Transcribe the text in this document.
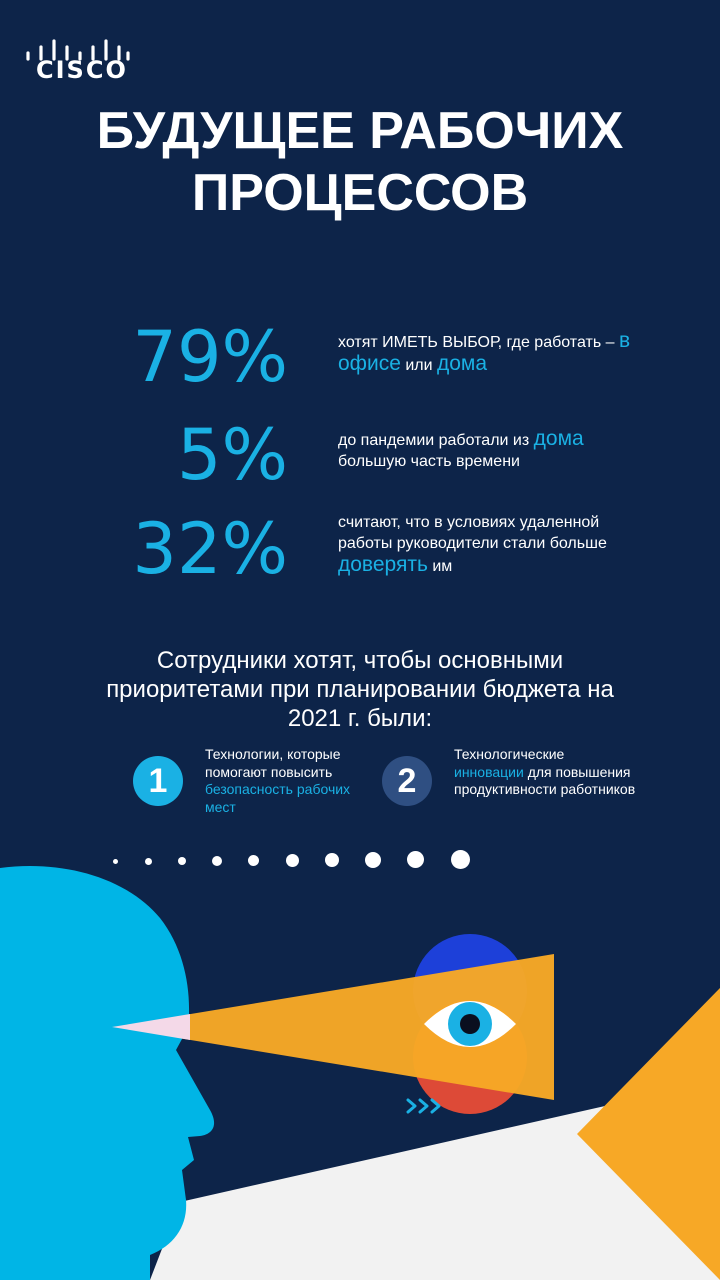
CISCO
БУДУЩЕЕ РАБОЧИХ
ПРОЦЕССОВ
79%	хотят ИМЕТЬ ВЫБОР, где работать – в
офисе или дома
5%	до пандемии работали из дома
большую часть времени
32%	считают, что в условиях удаленной работы руководители стали больше
доверять им
Сотрудники хотят, чтобы основными приоритетами при планировании бюджета на 2021 г. были:
1
Технологии, которые помогают повысить безопасность рабочих мест
2
Технологические
инновации для повышения продуктивности работников
